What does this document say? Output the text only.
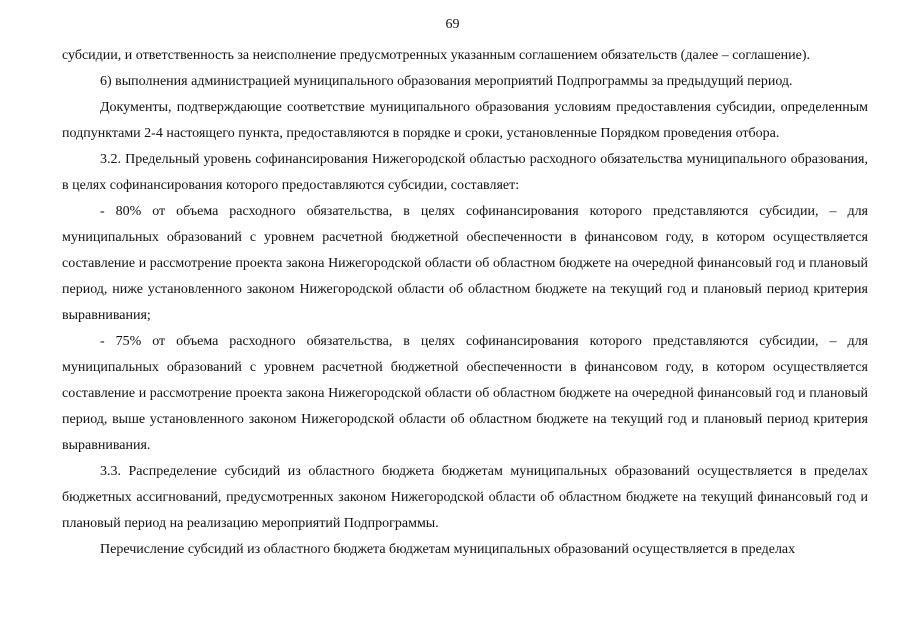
69

субсидии, и ответственность за неисполнение предусмотренных указанным соглашением обязательств (далее – соглашение).

6) выполнения администрацией муниципального образования мероприятий Подпрограммы за предыдущий период.

Документы, подтверждающие соответствие муниципального образования условиям предоставления субсидии, определенным подпунктами 2-4 настоящего пункта, предоставляются в порядке и сроки, установленные Порядком проведения отбора.

3.2. Предельный уровень софинансирования Нижегородской областью расходного обязательства муниципального образования, в целях софинансирования которого предоставляются субсидии, составляет:

- 80% от объема расходного обязательства, в целях софинансирования которого представляются субсидии, – для муниципальных образований с уровнем расчетной бюджетной обеспеченности в финансовом году, в котором осуществляется составление и рассмотрение проекта закона Нижегородской области об областном бюджете на очередной финансовый год и плановый период, ниже установленного законом Нижегородской области об областном бюджете на текущий год и плановый период критерия выравнивания;

- 75% от объема расходного обязательства, в целях софинансирования которого представляются субсидии, – для муниципальных образований с уровнем расчетной бюджетной обеспеченности в финансовом году, в котором осуществляется составление и рассмотрение проекта закона Нижегородской области об областном бюджете на очередной финансовый год и плановый период, выше установленного законом Нижегородской области об областном бюджете на текущий год и плановый период критерия выравнивания.

3.3. Распределение субсидий из областного бюджета бюджетам муниципальных образований осуществляется в пределах бюджетных ассигнований, предусмотренных законом Нижегородской области об областном бюджете на текущий финансовый год и плановый период на реализацию мероприятий Подпрограммы.

Перечисление субсидий из областного бюджета бюджетам муниципальных образований осуществляется в пределах
